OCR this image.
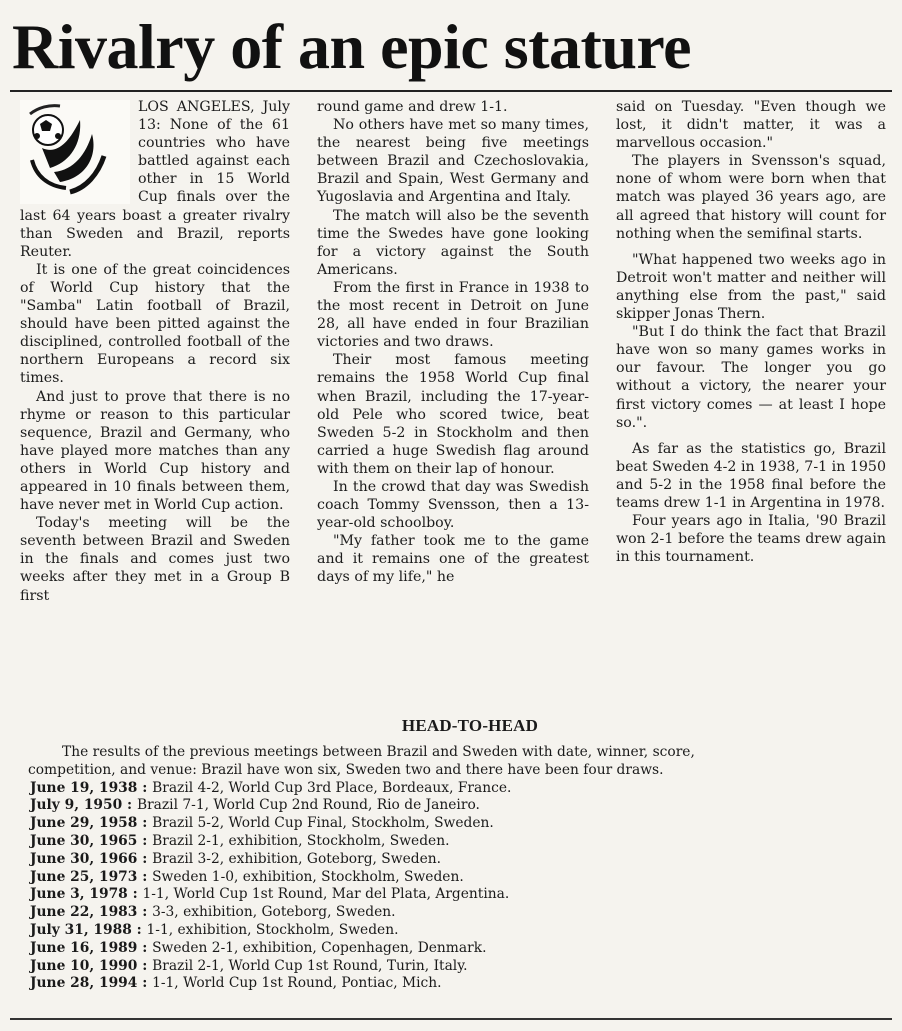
Rivalry of an epic stature

LOS ANGELES, July 13: None of the 61 countries who have battled against each other in 15 World Cup finals over the last 64 years boast a greater rivalry than Sweden and Brazil, reports Reuter.

It is one of the great coincidences of World Cup history that the "Samba" Latin football of Brazil, should have been pitted against the disciplined, controlled football of the northern Europeans a record six times.

And just to prove that there is no rhyme or reason to this particular sequence, Brazil and Germany, who have played more matches than any others in World Cup history and appeared in 10 finals between them, have never met in World Cup action.

Today's meeting will be the seventh between Brazil and Sweden in the finals and comes just two weeks after they met in a Group B first

round game and drew 1-1.

No others have met so many times, the nearest being five meetings between Brazil and Czechoslovakia, Brazil and Spain, West Germany and Yugoslavia and Argentina and Italy.

The match will also be the seventh time the Swedes have gone looking for a victory against the South Americans.

From the first in France in 1938 to the most recent in Detroit on June 28, all have ended in four Brazilian victories and two draws.

Their most famous meeting remains the 1958 World Cup final when Brazil, including the 17-year-old Pele who scored twice, beat Sweden 5-2 in Stockholm and then carried a huge Swedish flag around with them on their lap of honour.

In the crowd that day was Swedish coach Tommy Svensson, then a 13-year-old schoolboy.

"My father took me to the game and it remains one of the greatest days of my life," he

said on Tuesday. "Even though we lost, it didn't matter, it was a marvellous occasion."

The players in Svensson's squad, none of whom were born when that match was played 36 years ago, are all agreed that history will count for nothing when the semifinal starts.

"What happened two weeks ago in Detroit won't matter and neither will anything else from the past," said skipper Jonas Thern.

"But I do think the fact that Brazil have won so many games works in our favour. The longer you go without a victory, the nearer your first victory comes — at least I hope so.".

As far as the statistics go, Brazil beat Sweden 4-2 in 1938, 7-1 in 1950 and 5-2 in the 1958 final before the teams drew 1-1 in Argentina in 1978.

Four years ago in Italia, '90 Brazil won 2-1 before the teams drew again in this tournament.

HEAD-TO-HEAD
The results of the previous meetings between Brazil and Sweden with date, winner, score,
competition, and venue: Brazil have won six, Sweden two and there have been four draws.
June 19, 1938 : Brazil 4-2, World Cup 3rd Place, Bordeaux, France.
July 9, 1950 : Brazil 7-1, World Cup 2nd Round, Rio de Janeiro.
June 29, 1958 : Brazil 5-2, World Cup Final, Stockholm, Sweden.
June 30, 1965 : Brazil 2-1, exhibition, Stockholm, Sweden.
June 30, 1966 : Brazil 3-2, exhibition, Goteborg, Sweden.
June 25, 1973 : Sweden 1-0, exhibition, Stockholm, Sweden.
June 3, 1978 : 1-1, World Cup 1st Round, Mar del Plata, Argentina.
June 22, 1983 : 3-3, exhibition, Goteborg, Sweden.
July 31, 1988 : 1-1, exhibition, Stockholm, Sweden.
June 16, 1989 : Sweden 2-1, exhibition, Copenhagen, Denmark.
June 10, 1990 : Brazil 2-1, World Cup 1st Round, Turin, Italy.
June 28, 1994 : 1-1, World Cup 1st Round, Pontiac, Mich.
